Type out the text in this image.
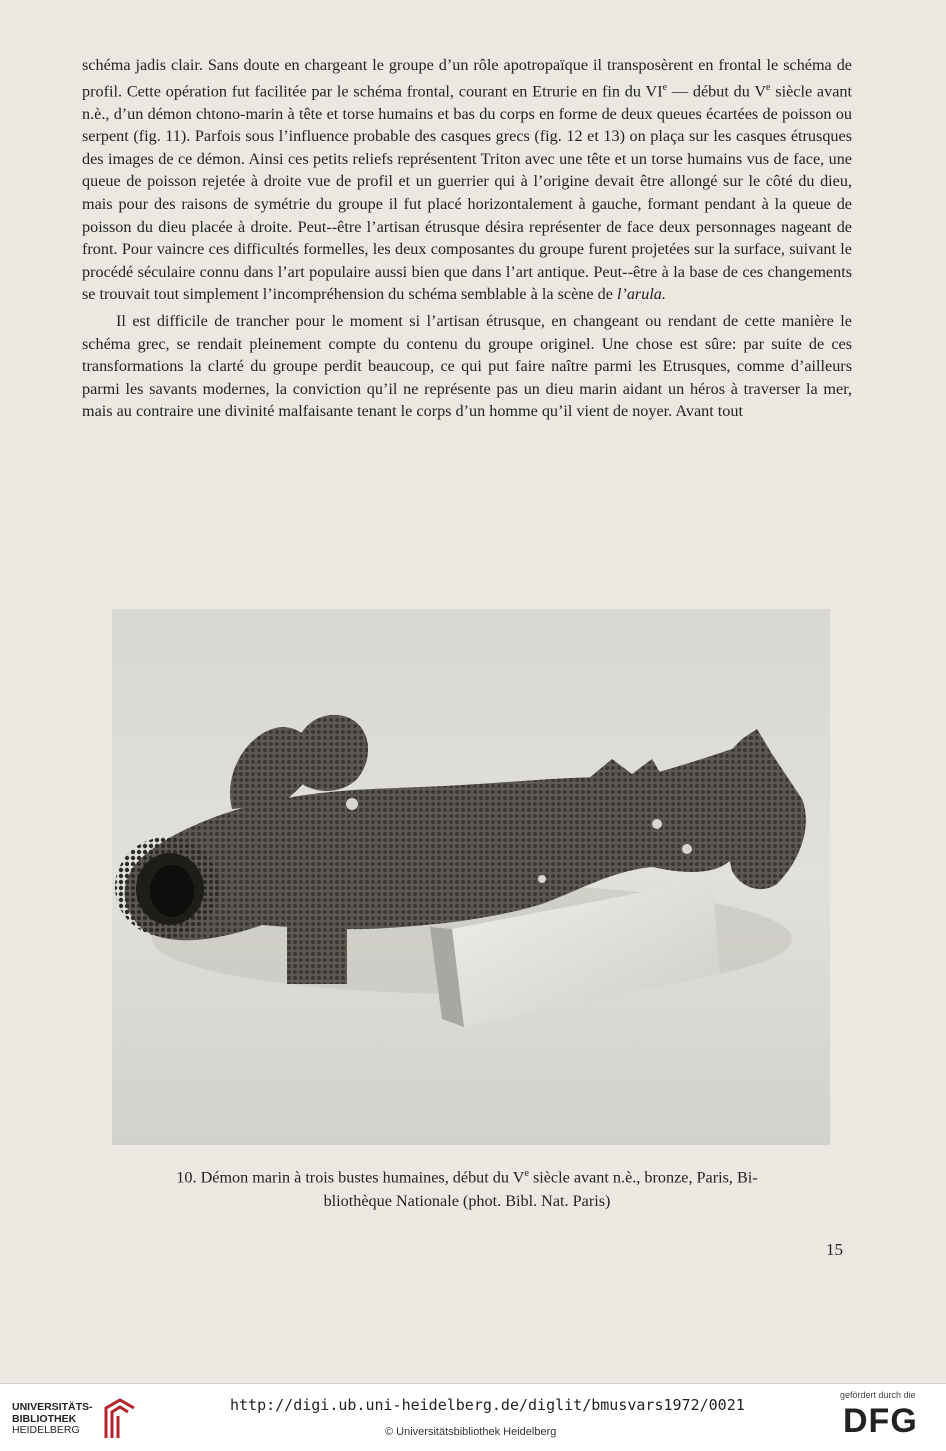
schéma jadis clair. Sans doute en chargeant le groupe d’un rôle apotropaïque il transposèrent en frontal le schéma de profil. Cette opération fut facilitée par le schéma frontal, courant en Etrurie en fin du VIe — début du Ve siècle avant n.è., d’un démon chtono-marin à tête et torse humains et bas du corps en forme de deux queues écartées de poisson ou serpent (fig. 11). Parfois sous l’influence probable des casques grecs (fig. 12 et 13) on plaça sur les casques étrusques des images de ce démon. Ainsi ces petits reliefs représentent Triton avec une tête et un torse humains vus de face, une queue de poisson rejetée à droite vue de profil et un guerrier qui à l’origine devait être allongé sur le côté du dieu, mais pour des raisons de symétrie du groupe il fut placé horizontalement à gauche, formant pendant à la queue de poisson du dieu placée à droite. Peut--être l’artisan étrusque désira représenter de face deux personnages nageant de front. Pour vaincre ces difficultés formelles, les deux composantes du groupe furent projetées sur la surface, suivant le procédé séculaire connu dans l’art populaire aussi bien que dans l’art antique. Peut--être à la base de ces changements se trouvait tout simplement l’incompréhension du schéma semblable à la scène de l’arula.

Il est difficile de trancher pour le moment si l’artisan étrusque, en changeant ou rendant de cette manière le schéma grec, se rendait pleinement compte du contenu du groupe originel. Une chose est sûre: par suite de ces transformations la clarté du groupe perdit beaucoup, ce qui put faire naître parmi les Etrusques, comme d’ailleurs parmi les savants modernes, la conviction qu’il ne représente pas un dieu marin aidant un héros à traverser la mer, mais au contraire une divinité malfaisante tenant le corps d’un homme qu’il vient de noyer. Avant tout

10. Démon marin à trois bustes humaines, début du Ve siècle avant n.è., bronze, Paris, Bi-
bliothèque Nationale (phot. Bibl. Nat. Paris)
15
UNIVERSITÄTS-
BIBLIOTHEK
HEIDELBERG
http://digi.ub.uni-heidelberg.de/diglit/bmusvars1972/0021
© Universitätsbibliothek Heidelberg
gefördert durch die
DFG
